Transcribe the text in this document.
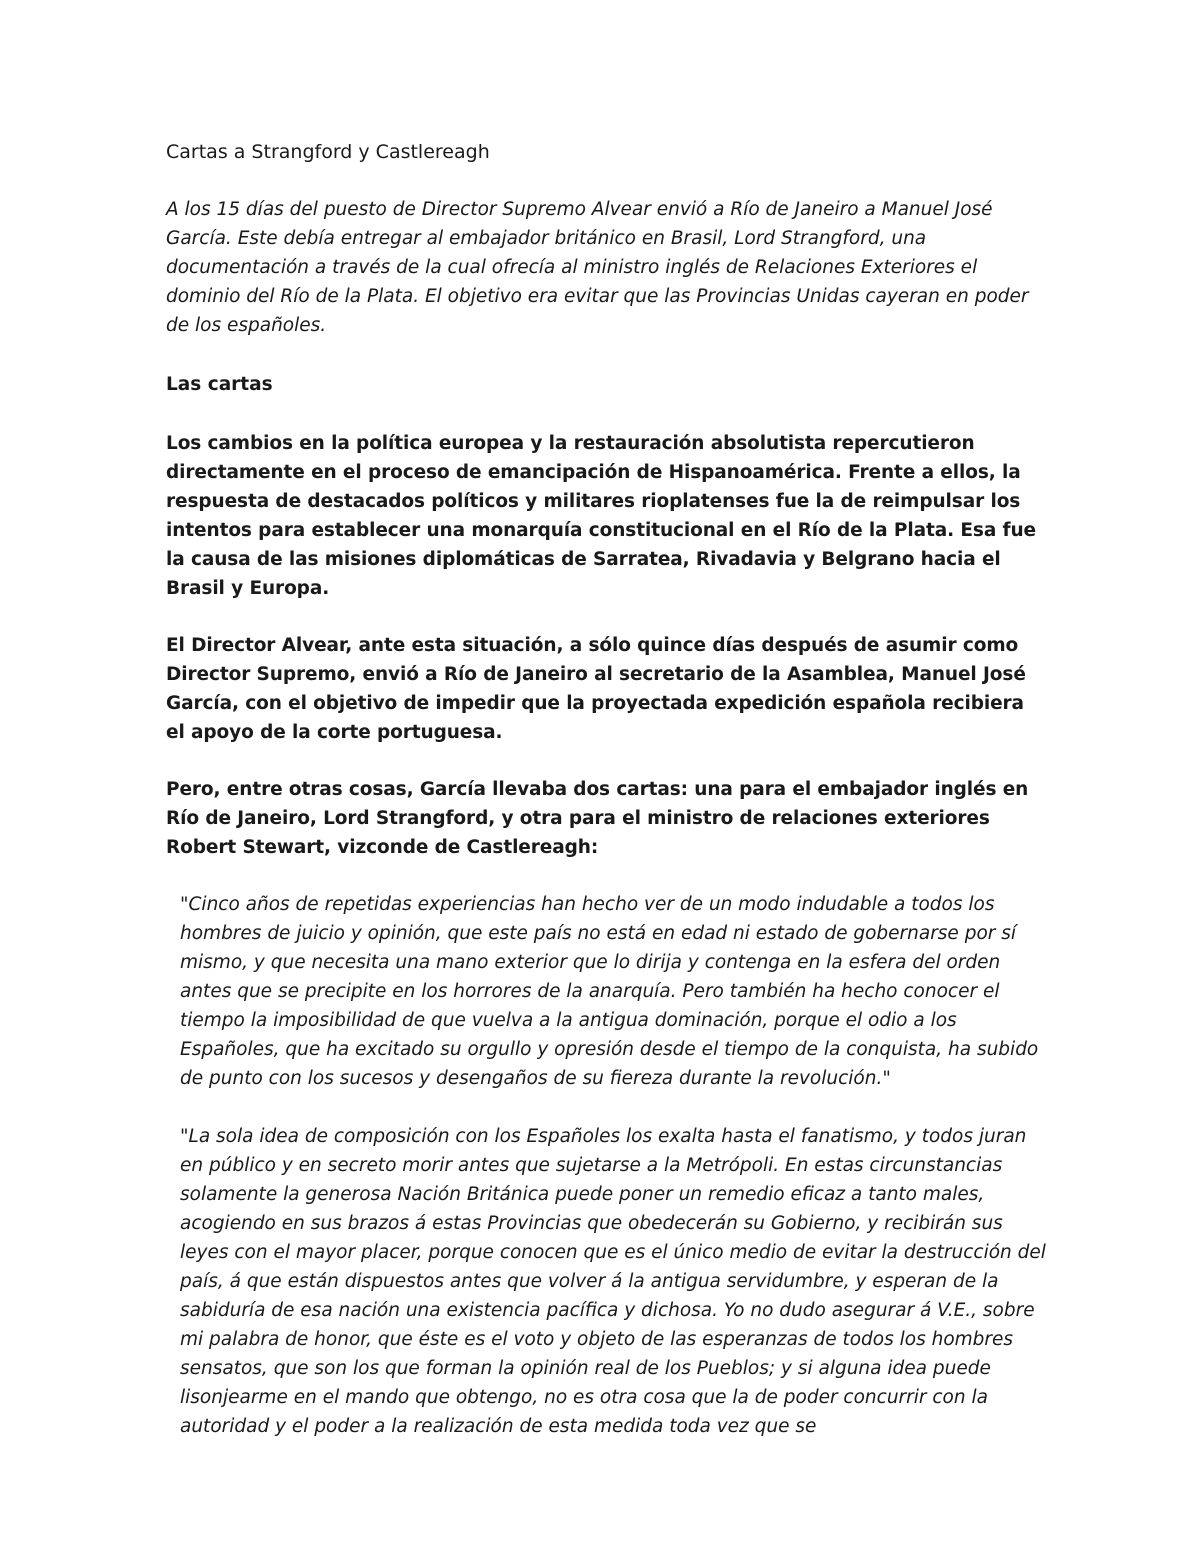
Cartas a Strangford y Castlereagh

A los 15 días del puesto de Director Supremo Alvear envió a Río de Janeiro a Manuel José García. Este debía entregar al embajador británico en Brasil, Lord Strangford, una documentación a través de la cual ofrecía al ministro inglés de Relaciones Exteriores el dominio del Río de la Plata. El objetivo era evitar que las Provincias Unidas cayeran en poder de los españoles.

Las cartas

Los cambios en la política europea y la restauración absolutista repercutieron directamente en el proceso de emancipación de Hispanoamérica. Frente a ellos, la respuesta de destacados políticos y militares rioplatenses fue la de reimpulsar los intentos para establecer una monarquía constitucional en el Río de la Plata. Esa fue la causa de las misiones diplomáticas de Sarratea, Rivadavia y Belgrano hacia el Brasil y Europa.

El Director Alvear, ante esta situación, a sólo quince días después de asumir como Director Supremo, envió a Río de Janeiro al secretario de la Asamblea, Manuel José García, con el objetivo de impedir que la proyectada expedición española recibiera el apoyo de la corte portuguesa.

Pero, entre otras cosas, García llevaba dos cartas: una para el embajador inglés en Río de Janeiro, Lord Strangford, y otra para el ministro de relaciones exteriores Robert Stewart, vizconde de Castlereagh:

"Cinco años de repetidas experiencias han hecho ver de un modo indudable a todos los hombres de juicio y opinión, que este país no está en edad ni estado de gobernarse por sí mismo, y que necesita una mano exterior que lo dirija y contenga en la esfera del orden antes que se precipite en los horrores de la anarquía. Pero también ha hecho conocer el tiempo la imposibilidad de que vuelva a la antigua dominación, porque el odio a los Españoles, que ha excitado su orgullo y opresión desde el tiempo de la conquista, ha subido de punto con los sucesos y desengaños de su fiereza durante la revolución."

"La sola idea de composición con los Españoles los exalta hasta el fanatismo, y todos juran en público y en secreto morir antes que sujetarse a la Metrópoli. En estas circunstancias solamente la generosa Nación Británica puede poner un remedio eficaz a tanto males, acogiendo en sus brazos á estas Provincias que obedecerán su Gobierno, y recibirán sus leyes con el mayor placer, porque conocen que es el único medio de evitar la destrucción del país, á que están dispuestos antes que volver á la antigua servidumbre, y esperan de la sabiduría de esa nación una existencia pacífica y dichosa. Yo no dudo asegurar á V.E., sobre mi palabra de honor, que éste es el voto y objeto de las esperanzas de todos los hombres sensatos, que son los que forman la opinión real de los Pueblos; y si alguna idea puede lisonjearme en el mando que obtengo, no es otra cosa que la de poder concurrir con la autoridad y el poder a la realización de esta medida toda vez que se
